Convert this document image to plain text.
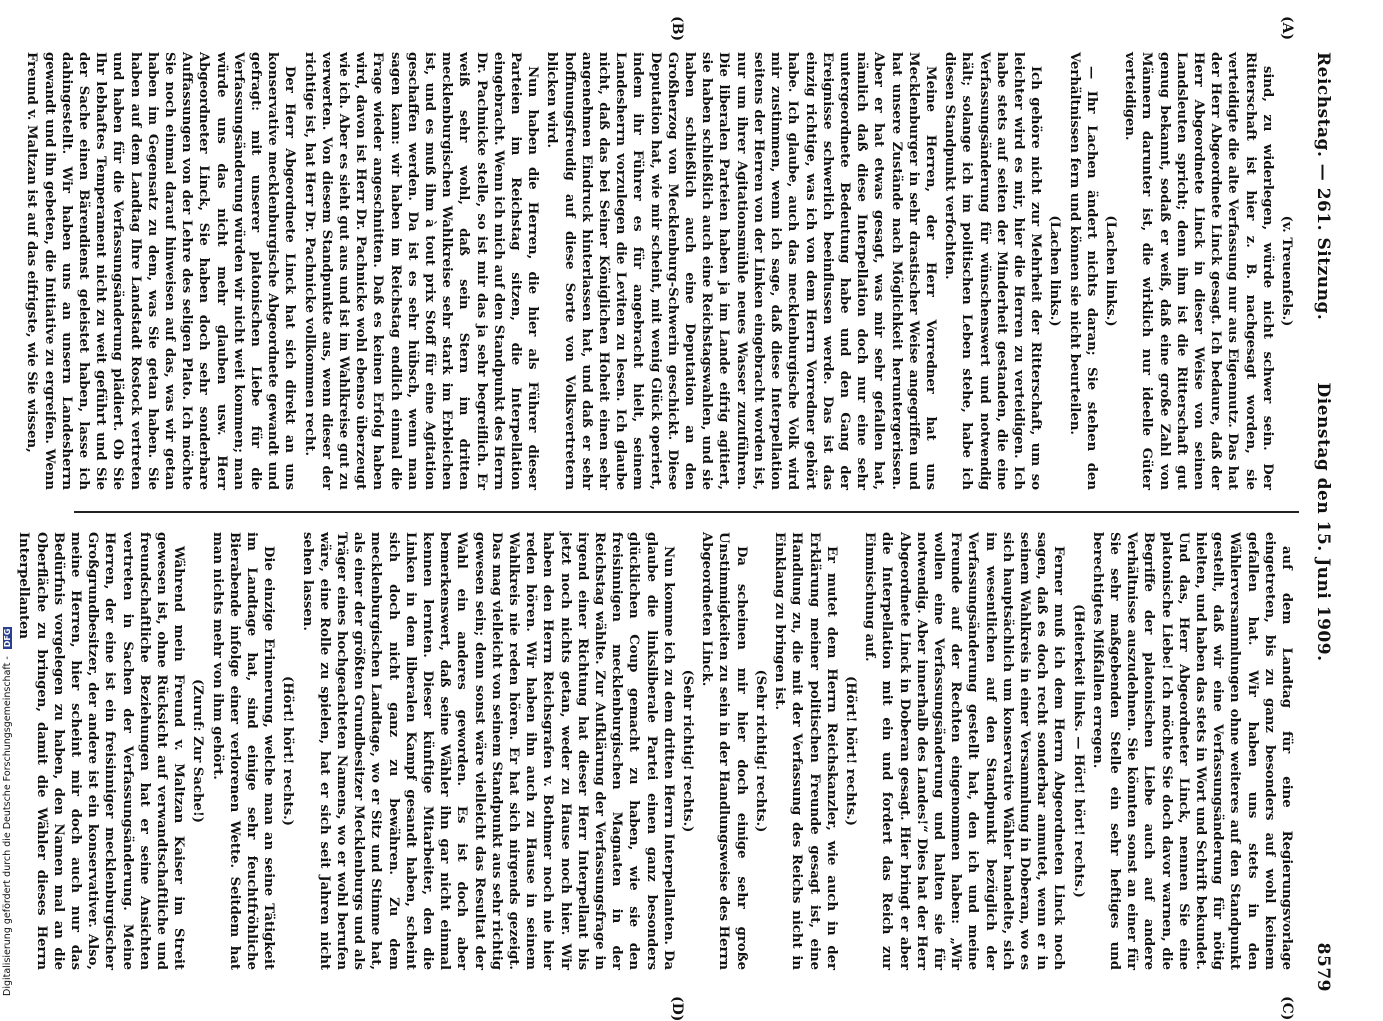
Reichstag. — 261. Sitzung.
Dienstag den 15. Juni 1909.
8579
(A)
(B)
(C)
(D)

(v. Treuenfels.)

sind, zu widerlegen, würde nicht schwer sein. Der Ritterschaft ist hier z. B. nachgesagt worden, sie verteidigte die alte Verfassung nur aus Eigennutz. Das hat der Herr Abgeordnete Linck gesagt. Ich bedaure, daß der Herr Abgeordnete Linck in dieser Weise von seinen Landsleuten spricht; denn ihm ist die Ritterschaft gut genug bekannt, sodaß er weiß, daß eine große Zahl von Männern darunter ist, die wirklich nur ideelle Güter verteidigen.

(Lachen links.)

— Ihr Lachen ändert nichts daran; Sie stehen den Verhältnissen fern und können sie nicht beurteilen.

(Lachen links.)

Ich gehöre nicht zur Mehrheit der Ritterschaft, um so leichter wird es mir, hier die Herren zu verteidigen. Ich habe stets auf seiten der Minderheit gestanden, die eine Verfassungsänderung für wünschenswert und notwendig hält; solange ich im politischen Leben stehe, habe ich diesen Standpunkt verfochten.

Meine Herren, der Herr Vorredner hat uns Mecklenburger in sehr drastischer Weise angegriffen und hat unsere Zustände nach Möglichkeit heruntergerissen. Aber er hat etwas gesagt, was mir sehr gefallen hat, nämlich daß diese Interpellation doch nur eine sehr untergeordnete Bedeutung habe und den Gang der Ereignisse schwerlich beeinflussen werde. Das ist das einzig richtige, was ich von dem Herrn Vorredner gehört habe. Ich glaube, auch das mecklenburgische Volk wird mir zustimmen, wenn ich sage, daß diese Interpellation seitens der Herren von der Linken eingebracht worden ist, nur um ihrer Agitationsmühle neues Wasser zuzuführen. Die liberalen Parteien haben ja im Lande eifrig agitiert, sie haben schließlich auch eine Reichstagswahlen, und sie haben schließlich auch eine Deputation an den Großherzog von Mecklenburg-Schwerin geschickt. Diese Deputation hat, wie mir scheint, mit wenig Glück operiert, indem ihr Führer es für angebracht hielt, seinem Landesherrn vorzulegen die Leviten zu lesen. Ich glaube nicht, daß das bei Seiner Königlichen Hoheit einen sehr angenehmen Eindruck hinterlassen hat, und daß er sehr hoffnungsfreudig auf diese Sorte von Volksvertretern blicken wird.

Nun haben die Herren, die hier als Führer dieser Parteien im Reichstag sitzen, die Interpellation eingebracht. Wenn ich mich auf den Standpunkt des Herrn Dr. Pachnicke stelle, so ist mir das ja sehr begreiflich. Er weiß sehr wohl, daß sein Stern im dritten mecklenburgischen Wahlkreise sehr stark im Erbleichen ist, und es muß ihm à tout prix Stoff für eine Agitation geschaffen werden. Da ist es sehr hübsch, wenn man sagen kann: wir haben im Reichstag endlich einmal die Frage wieder angeschnitten. Daß es keinen Erfolg haben wird, davon ist Herr Dr. Pachnicke wohl ebenso überzeugt wie ich. Aber es sieht gut aus und ist im Wahlkreise gut zu verwerten. Von diesem Standpunkte aus, wenn dieser der richtige ist, hat Herr Dr. Pachnicke vollkommen recht.

Der Herr Abgeordnete Linck hat sich direkt an uns konservative mecklenburgische Abgeordnete gewandt und gefragt: mit unserer platonischen Liebe für die Verfassungsänderung würden wir nicht weit kommen; man würde uns das nicht mehr glauben usw. Herr Abgeordneter Linck, Sie haben doch sehr sonderbare Auffassungen von der Lehre des seligen Plato. Ich möchte Sie noch einmal darauf hinweisen auf das, was wir getan haben im Gegensatz zu dem, was Sie getan haben. Sie haben auf dem Landtag Ihre Landstadt Rostock vertreten und haben für die Verfassungsänderung plädiert. Ob Sie Ihr lebhaftes Temperament nicht zu weit geführt und Sie der Sache einen Bärendienst geleistet haben, lasse ich dahingestellt. Wir haben uns an unsern Landesherrn gewandt und ihn gebeten, die Initiative zu ergreifen. Wenn Freund v. Maltzan ist auf das eifrigste, wie Sie wissen,

auf dem Landtag für eine Regierungsvorlage eingetreten, bis zu ganz besonders auf wohl keinem gefallen hat. Wir haben uns stets in den Wählerversammlungen ohne weiteres auf den Standpunkt gestellt, daß wir eine Verfassungsänderung für nötig hielten, und haben das stets in Wort und Schrift bekundet. Und das, Herr Abgeordneter Linck, nennen Sie eine platonische Liebe! Ich möchte Sie doch davor warnen, die Begriffe der platonischen Liebe auch auf andere Verhältnisse auszudehnen. Sie könnten sonst an einer für Sie sehr maßgebenden Stelle ein sehr heftiges und berechtigtes Mißfallen erregen.

(Heiterkeit links. — Hört! hört! rechts.)

Ferner muß ich dem Herrn Abgeordneten Linck noch sagen, daß es doch recht sonderbar anmutet, wenn er in seinem Wahlkreis in einer Versammlung in Doberan, wo es sich hauptsächlich um konservative Wähler handelte, sich im wesentlichen auf den Standpunkt bezüglich der Verfassungsänderung gestellt hat, den ich und meine Freunde auf der Rechten eingenommen haben: „Wir wollen eine Verfassungsänderung und halten sie für notwendig. Aber innerhalb des Landes!“ Dies hat der Herr Abgeordnete Linck in Doberan gesagt. Hier bringt er aber die Interpellation mit ein und fordert das Reich zur Einmischung auf.

(Hört! hört! rechts.)

Er mutet dem Herrn Reichskanzler, wie auch in der Erklärung meiner politischen Freunde gesagt ist, eine Handlung zu, die mit der Verfassung des Reichs nicht in Einklang zu bringen ist.

(Sehr richtig! rechts.)

Da scheinen mir hier doch einige sehr große Unstimmigkeiten zu sein in der Handlungsweise des Herrn Abgeordneten Linck.

(Sehr richtig! rechts.)

Nun komme ich zu dem dritten Herrn Interpellanten. Da glaube die linksliberale Partei einen ganz besonders glücklichen Coup gemacht zu haben, wie sie den freisinnigen mecklenburgischen Magnaten in der Reichstag wählte. Zur Aufklärung der Verfassungsfrage in irgend einer Richtung hat dieser Herr Interpellant bis jetzt noch nichts getan, weder zu Hause noch hier. Wir haben den Herrn Reichsgrafen v. Bothmer noch nie hier reden hören. Wir haben ihn auch zu Hause in seinem Wahlkreis nie reden hören. Er hat sich nirgends gezeigt. Das mag vielleicht von seinem Standpunkt aus sehr richtig gewesen sein; denn sonst wäre vielleicht das Resultat der Wahl ein anderes geworden. Es ist doch aber bemerkenswert, daß seine Wähler ihn gar nicht einmal kennen lernten. Dieser künftige Mitarbeiter, den die Linken in dem liberalen Kampf gesandt haben, scheint sich doch nicht ganz zu bewähren. Zu dem mecklenburgischen Landtage, wo er Sitz und Stimme hat, als einer der größten Grundbesitzer Mecklenburgs und als Träger eines hochgeachteten Namens, wo er wohl berufen wäre, eine Rolle zu spielen, hat er sich seit Jahren nicht sehen lassen.

(Hört! hört! rechts.)

Die einzige Erinnerung, welche man an seine Tätigkeit im Landtage hat, sind einige sehr feuchtfröhliche Bierabende infolge einer verlorenen Wette. Seitdem hat man nichts mehr von ihm gehört.

(Zuruf: Zur Sache!)

Während mein Freund v. Maltzan Kaiser im Streit gewesen ist, ohne Rücksicht auf verwandtschaftliche und freundschaftliche Beziehungen hat er seine Ansichten vertreten in Sachen der Verfassungsänderung. Meine Herren, der eine ist ein freisinniger mecklenburgischer Großgrundbesitzer, der andere ist ein konservativer. Also, meine Herren, hier scheint mir doch auch nur das Bedürfnis vorgelegen zu haben, den Namen mal an die Oberfläche zu bringen, damit die Wähler dieses Herrn Interpellanten

Digitalisierung gefördert durch die Deutsche Forschungsgemeinschaft - DFG
